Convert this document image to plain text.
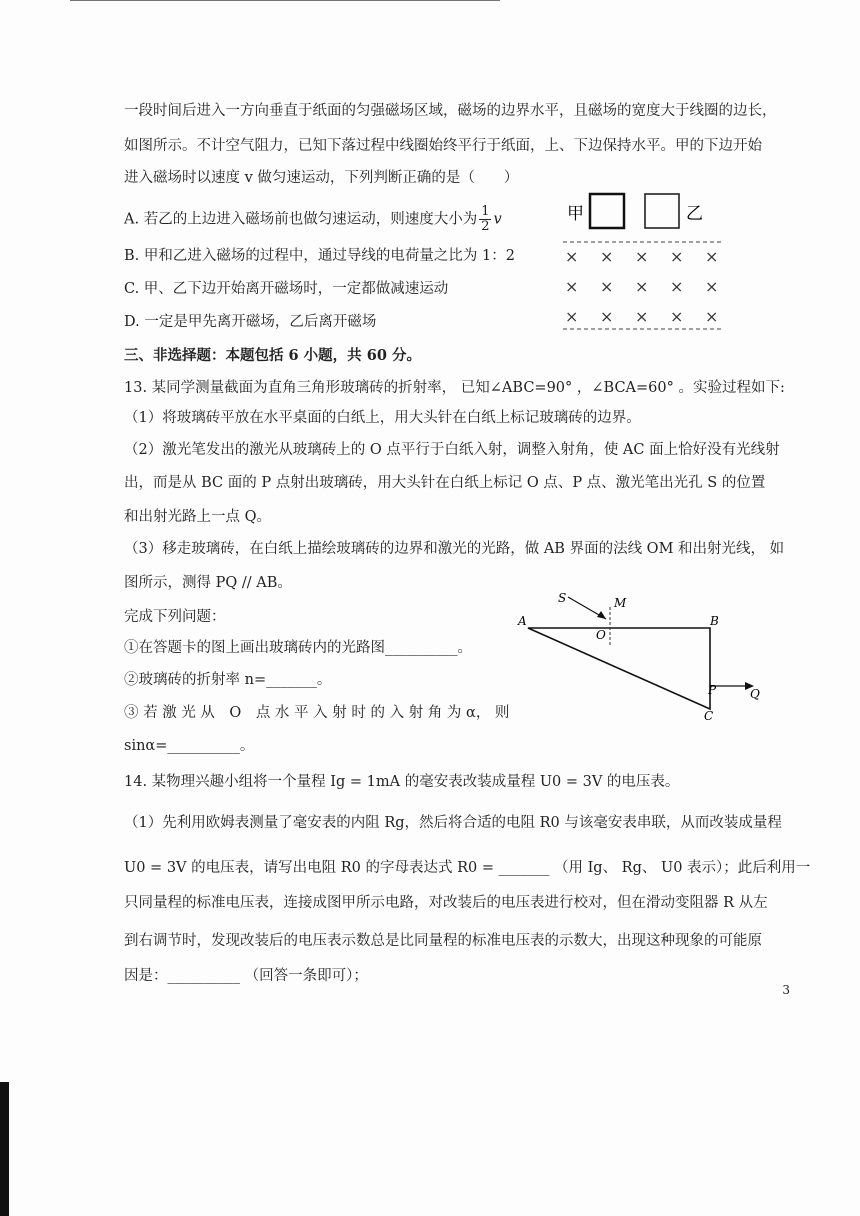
一段时间后进入一方向垂直于纸面的匀强磁场区域，磁场的边界水平，且磁场的宽度大于线圈的边长，
如图所示。不计空气阻力，已知下落过程中线圈始终平行于纸面，上、下边保持水平。甲的下边开始
进入磁场时以速度 v 做匀速运动，下列判断正确的是（　　）
A. 若乙的上边进入磁场前也做匀速运动，则速度大小为 $\frac{1}{2}$ v
B. 甲和乙进入磁场的过程中，通过导线的电荷量之比为 1：2
C. 甲、乙下边开始离开磁场时，一定都做减速运动
D. 一定是甲先离开磁场，乙后离开磁场
甲	乙
× × × × ×
× × × × ×
× × × × ×
三、非选择题：本题包括 6 小题，共 60 分。
13. 某同学测量截面为直角三角形玻璃砖的折射率， 已知∠ABC=90° ，∠BCA=60° 。实验过程如下:
（1）将玻璃砖平放在水平桌面的白纸上，用大头针在白纸上标记玻璃砖的边界。
（2）激光笔发出的激光从玻璃砖上的 O 点平行于白纸入射，调整入射角，使 AC 面上恰好没有光线射
出，而是从 BC 面的 P 点射出玻璃砖，用大头针在白纸上标记 O 点、P 点、激光笔出光孔 S 的位置
和出射光路上一点 Q。
（3）移走玻璃砖，在白纸上描绘玻璃砖的边界和激光的光路，做 AB 界面的法线 OM 和出射光线， 如
图所示，测得 PQ // AB。
完成下列问题：
①在答题卡的图上画出玻璃砖内的光路图__________。
②玻璃砖的折射率 n=_______。
③ 若 激 光 从　O　点 水 平 入 射 时 的 入 射 角 为 α， 则
sinα=__________。
S	M
A
O
B
P	Q
C
14. 某物理兴趣小组将一个量程 Ig = 1mA 的毫安表改装成量程 U0 = 3V 的电压表。
（1）先利用欧姆表测量了毫安表的内阻 Rg，然后将合适的电阻 R0 与该毫安表串联，从而改装成量程
U0 = 3V 的电压表，请写出电阻 R0 的字母表达式 R0 = _______ （用 Ig、 Rg、 U0 表示）；此后利用一
只同量程的标准电压表，连接成图甲所示电路，对改装后的电压表进行校对，但在滑动变阻器 R 从左
到右调节时，发现改装后的电压表示数总是比同量程的标准电压表的示数大，出现这种现象的可能原
因是：__________ （回答一条即可）；
3
